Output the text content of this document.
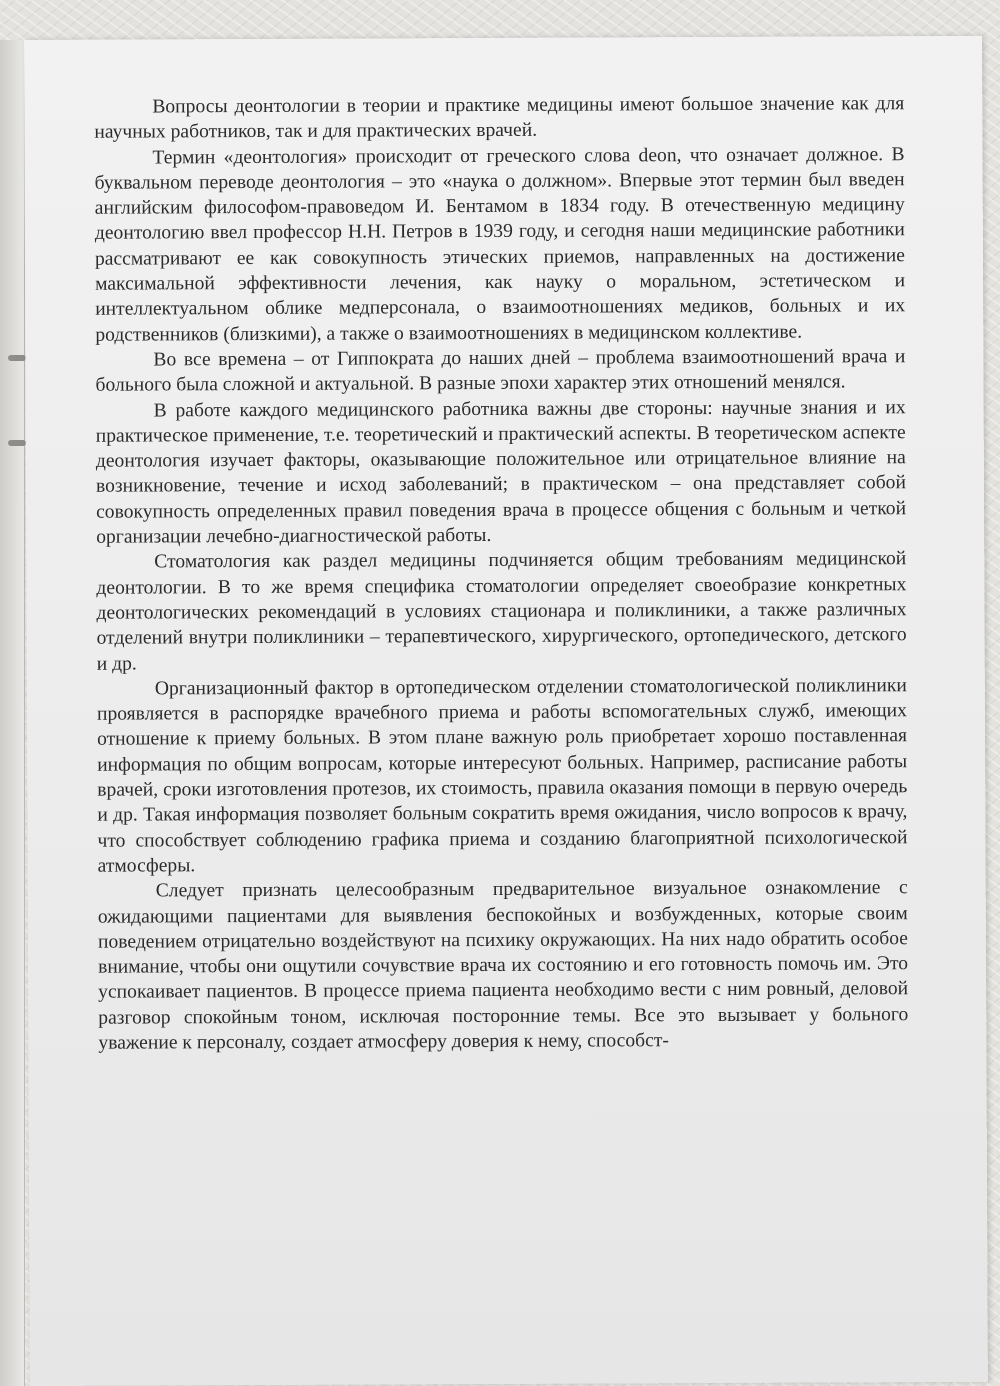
Вопросы деонтологии в теории и практике медицины имеют большое значение как для научных работников, так и для практических врачей.

Термин «деонтология» происходит от греческого слова deon, что означает должное. В буквальном переводе деонтология – это «наука о должном». Впервые этот термин был введен английским философом-правоведом И. Бентамом в 1834 году. В отечественную медицину деонтологию ввел профессор Н.Н. Петров в 1939 году, и сегодня наши медицинские работники рассматривают ее как совокупность этических приемов, направленных на достижение максимальной эффективности лечения, как науку о моральном, эстетическом и интеллектуальном облике медперсонала, о взаимоотношениях медиков, больных и их родственников (близкими), а также о взаимоотношениях в медицинском коллективе.

Во все времена – от Гиппократа до наших дней – проблема взаимоотношений врача и больного была сложной и актуальной. В разные эпохи характер этих отношений менялся.

В работе каждого медицинского работника важны две стороны: научные знания и их практическое применение, т.е. теоретический и практический аспекты. В теоретическом аспекте деонтология изучает факторы, оказывающие положительное или отрицательное влияние на возникновение, течение и исход заболеваний; в практическом – она представляет собой совокупность определенных правил поведения врача в процессе общения с больным и четкой организации лечебно-диагностической работы.

Стоматология как раздел медицины подчиняется общим требованиям медицинской деонтологии. В то же время специфика стоматологии определяет своеобразие конкретных деонтологических рекомендаций в условиях стационара и поликлиники, а также различных отделений внутри поликлиники – терапевтического, хирургического, ортопедического, детского и др.

Организационный фактор в ортопедическом отделении стоматологической поликлиники проявляется в распорядке врачебного приема и работы вспомогательных служб, имеющих отношение к приему больных. В этом плане важную роль приобретает хорошо поставленная информация по общим вопросам, которые интересуют больных. Например, расписание работы врачей, сроки изготовления протезов, их стоимость, правила оказания помощи в первую очередь и др. Такая информация позволяет больным сократить время ожидания, число вопросов к врачу, что способствует соблюдению графика приема и созданию благоприятной психологической атмосферы.

Следует признать целесообразным предварительное визуальное ознакомление с ожидающими пациентами для выявления беспокойных и возбужденных, которые своим поведением отрицательно воздействуют на психику окружающих. На них надо обратить особое внимание, чтобы они ощутили сочувствие врача их состоянию и его готовность помочь им. Это успокаивает пациентов. В процессе приема пациента необходимо вести с ним ровный, деловой разговор спокойным тоном, исключая посторонние темы. Все это вызывает у больного уважение к персоналу, создает атмосферу доверия к нему, способст-
